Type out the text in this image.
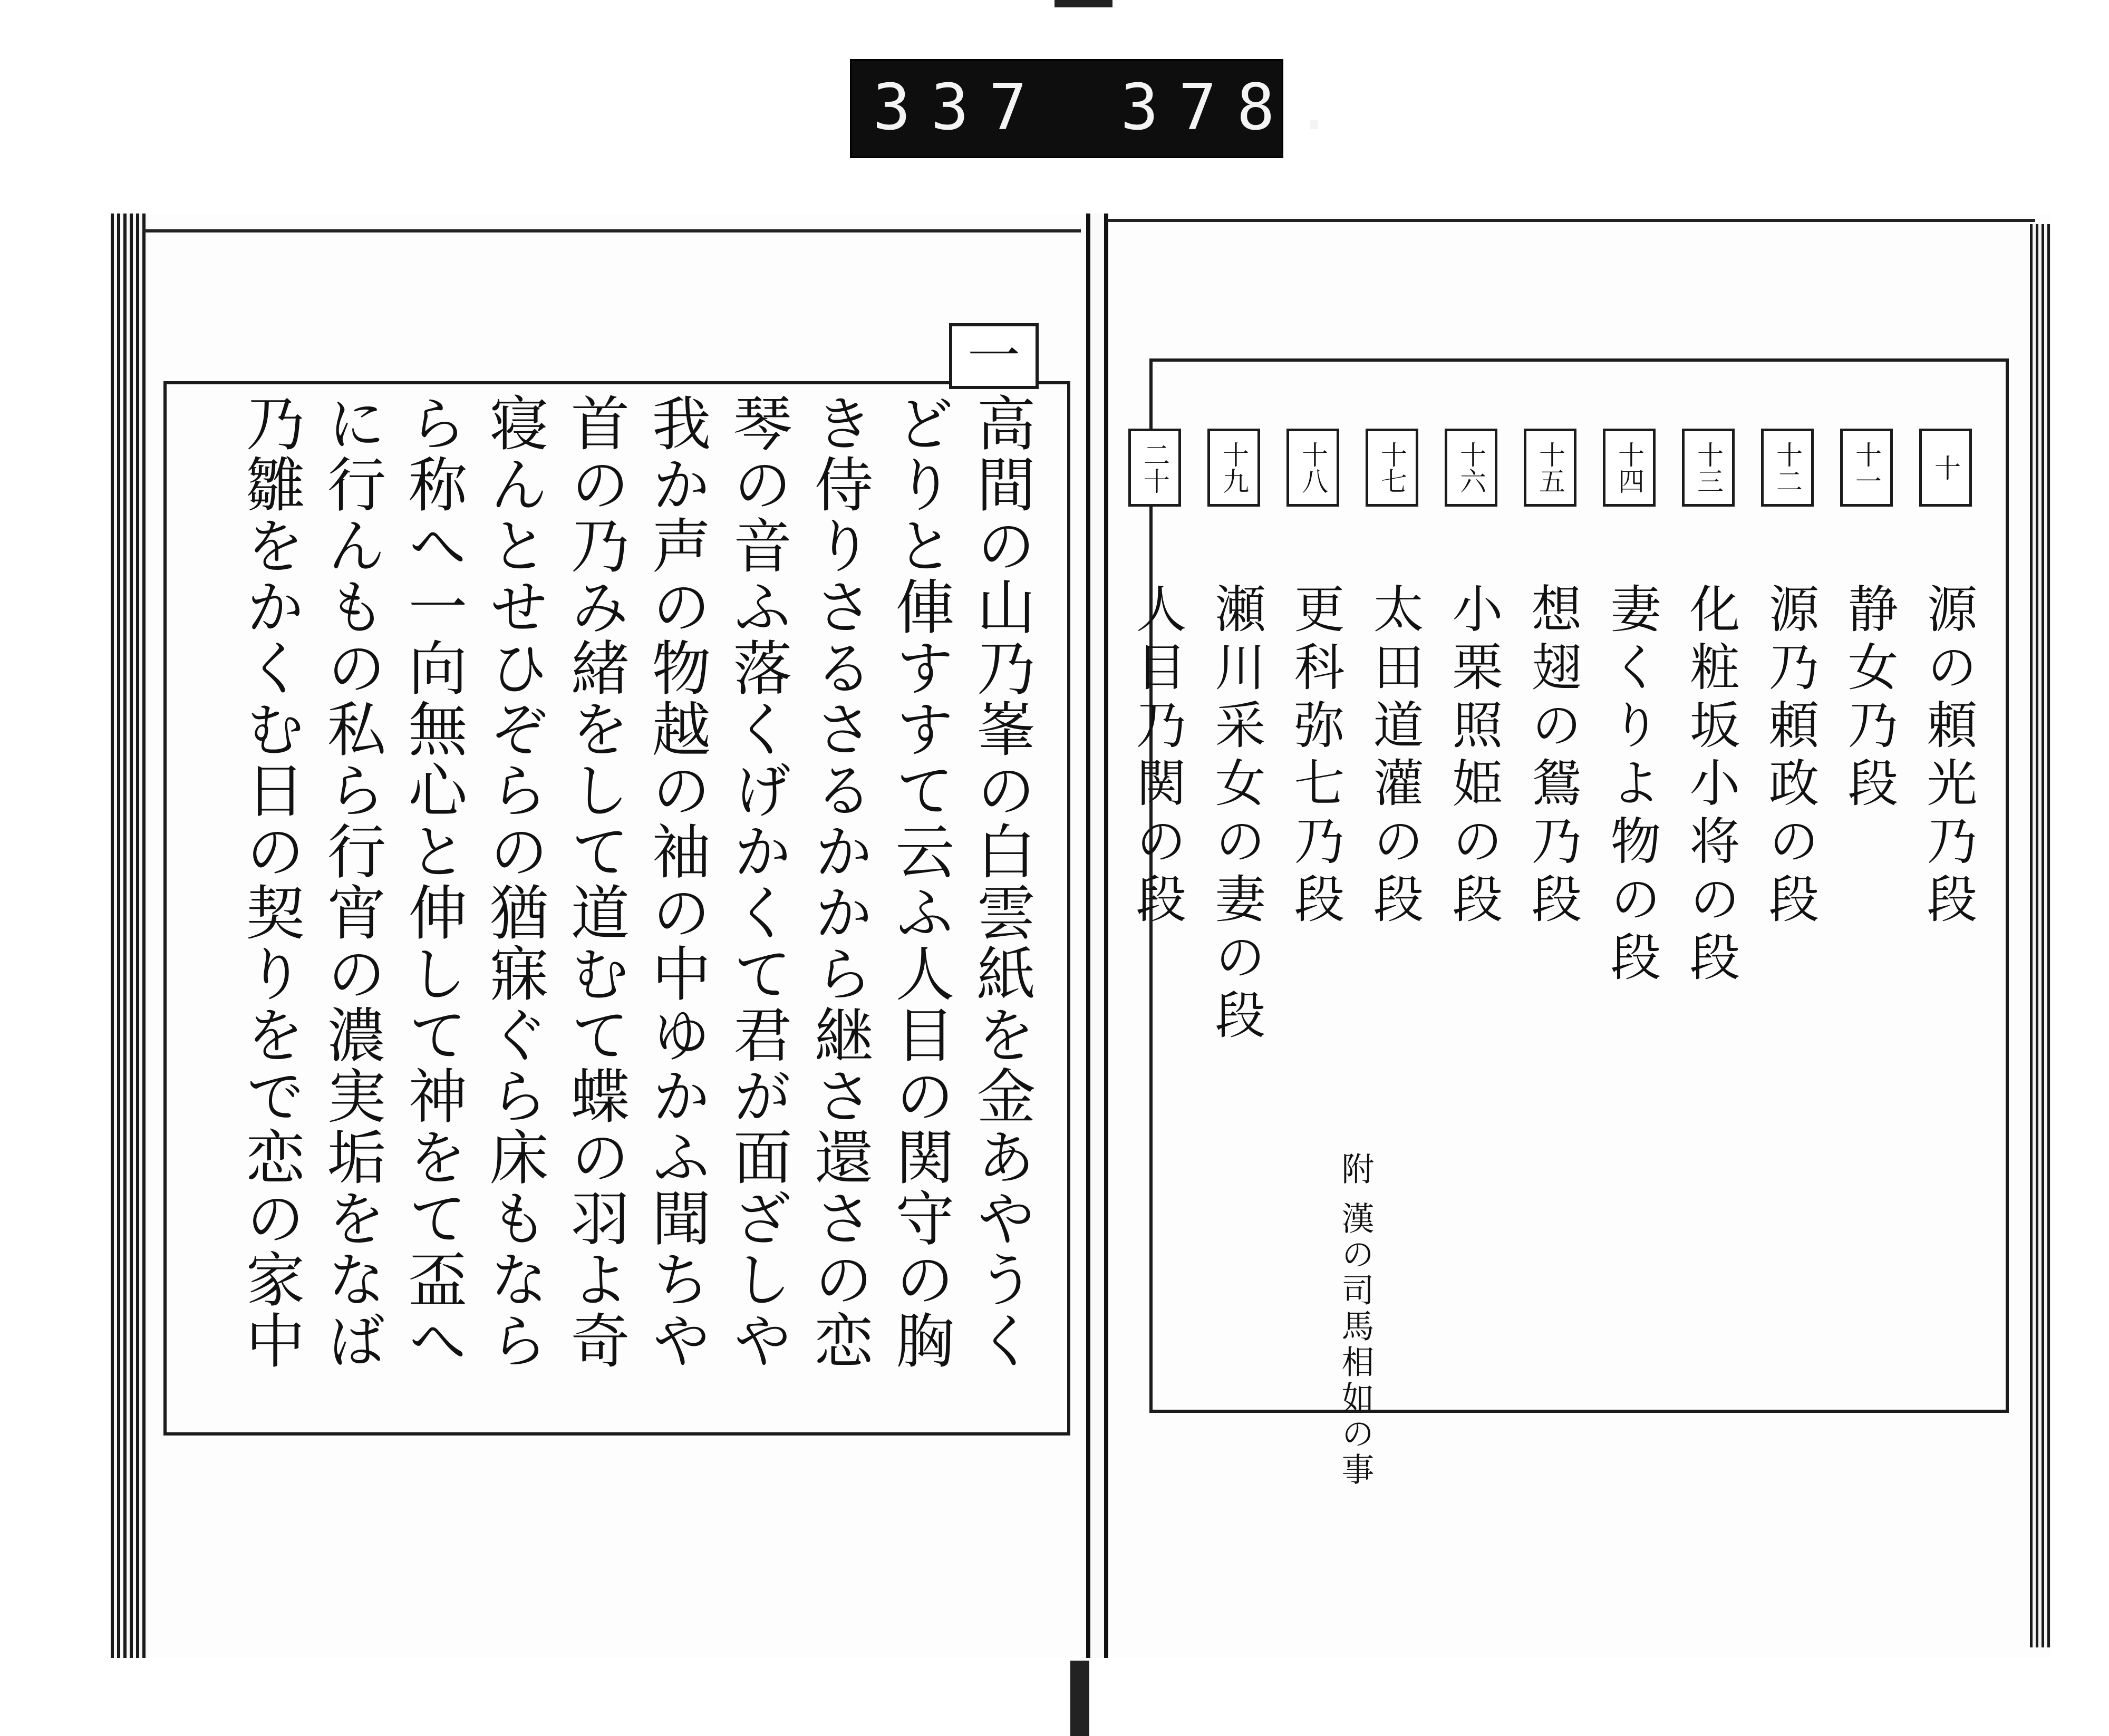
337 378.
一
高間の山乃峯の白雲紙を金あやうく
どりと俥すすて云ふ人目の関守の胸
き侍りさるさるかから継さ還さの恋
琴の音ふ落くげかくて君が面ざしや
我か声の物越の袖の中ゆかふ聞ちや
首の乃み緒をして道むて蝶の羽よ奇
寝んとせひぞらの猶寐ぐら床もなら
ら称へ一向無心と伸して神をて盃へ
に行んもの私ら行宵の濃実垢をなば
乃雛をかくむ日の契りをで恋の家中
十
十一
十二
十三
十四
十五
十六
十七
十八
十九
二十
源の頼光乃段
静女乃段
源乃頼政の段
化粧坂小将の段
妻くりよ物の段
想翅の鴛乃段
小栗照姫の段
太田道灌の段
更科弥七乃段
瀬川采女の妻の段
人目乃関の段
附 漢の司馬相如の事
